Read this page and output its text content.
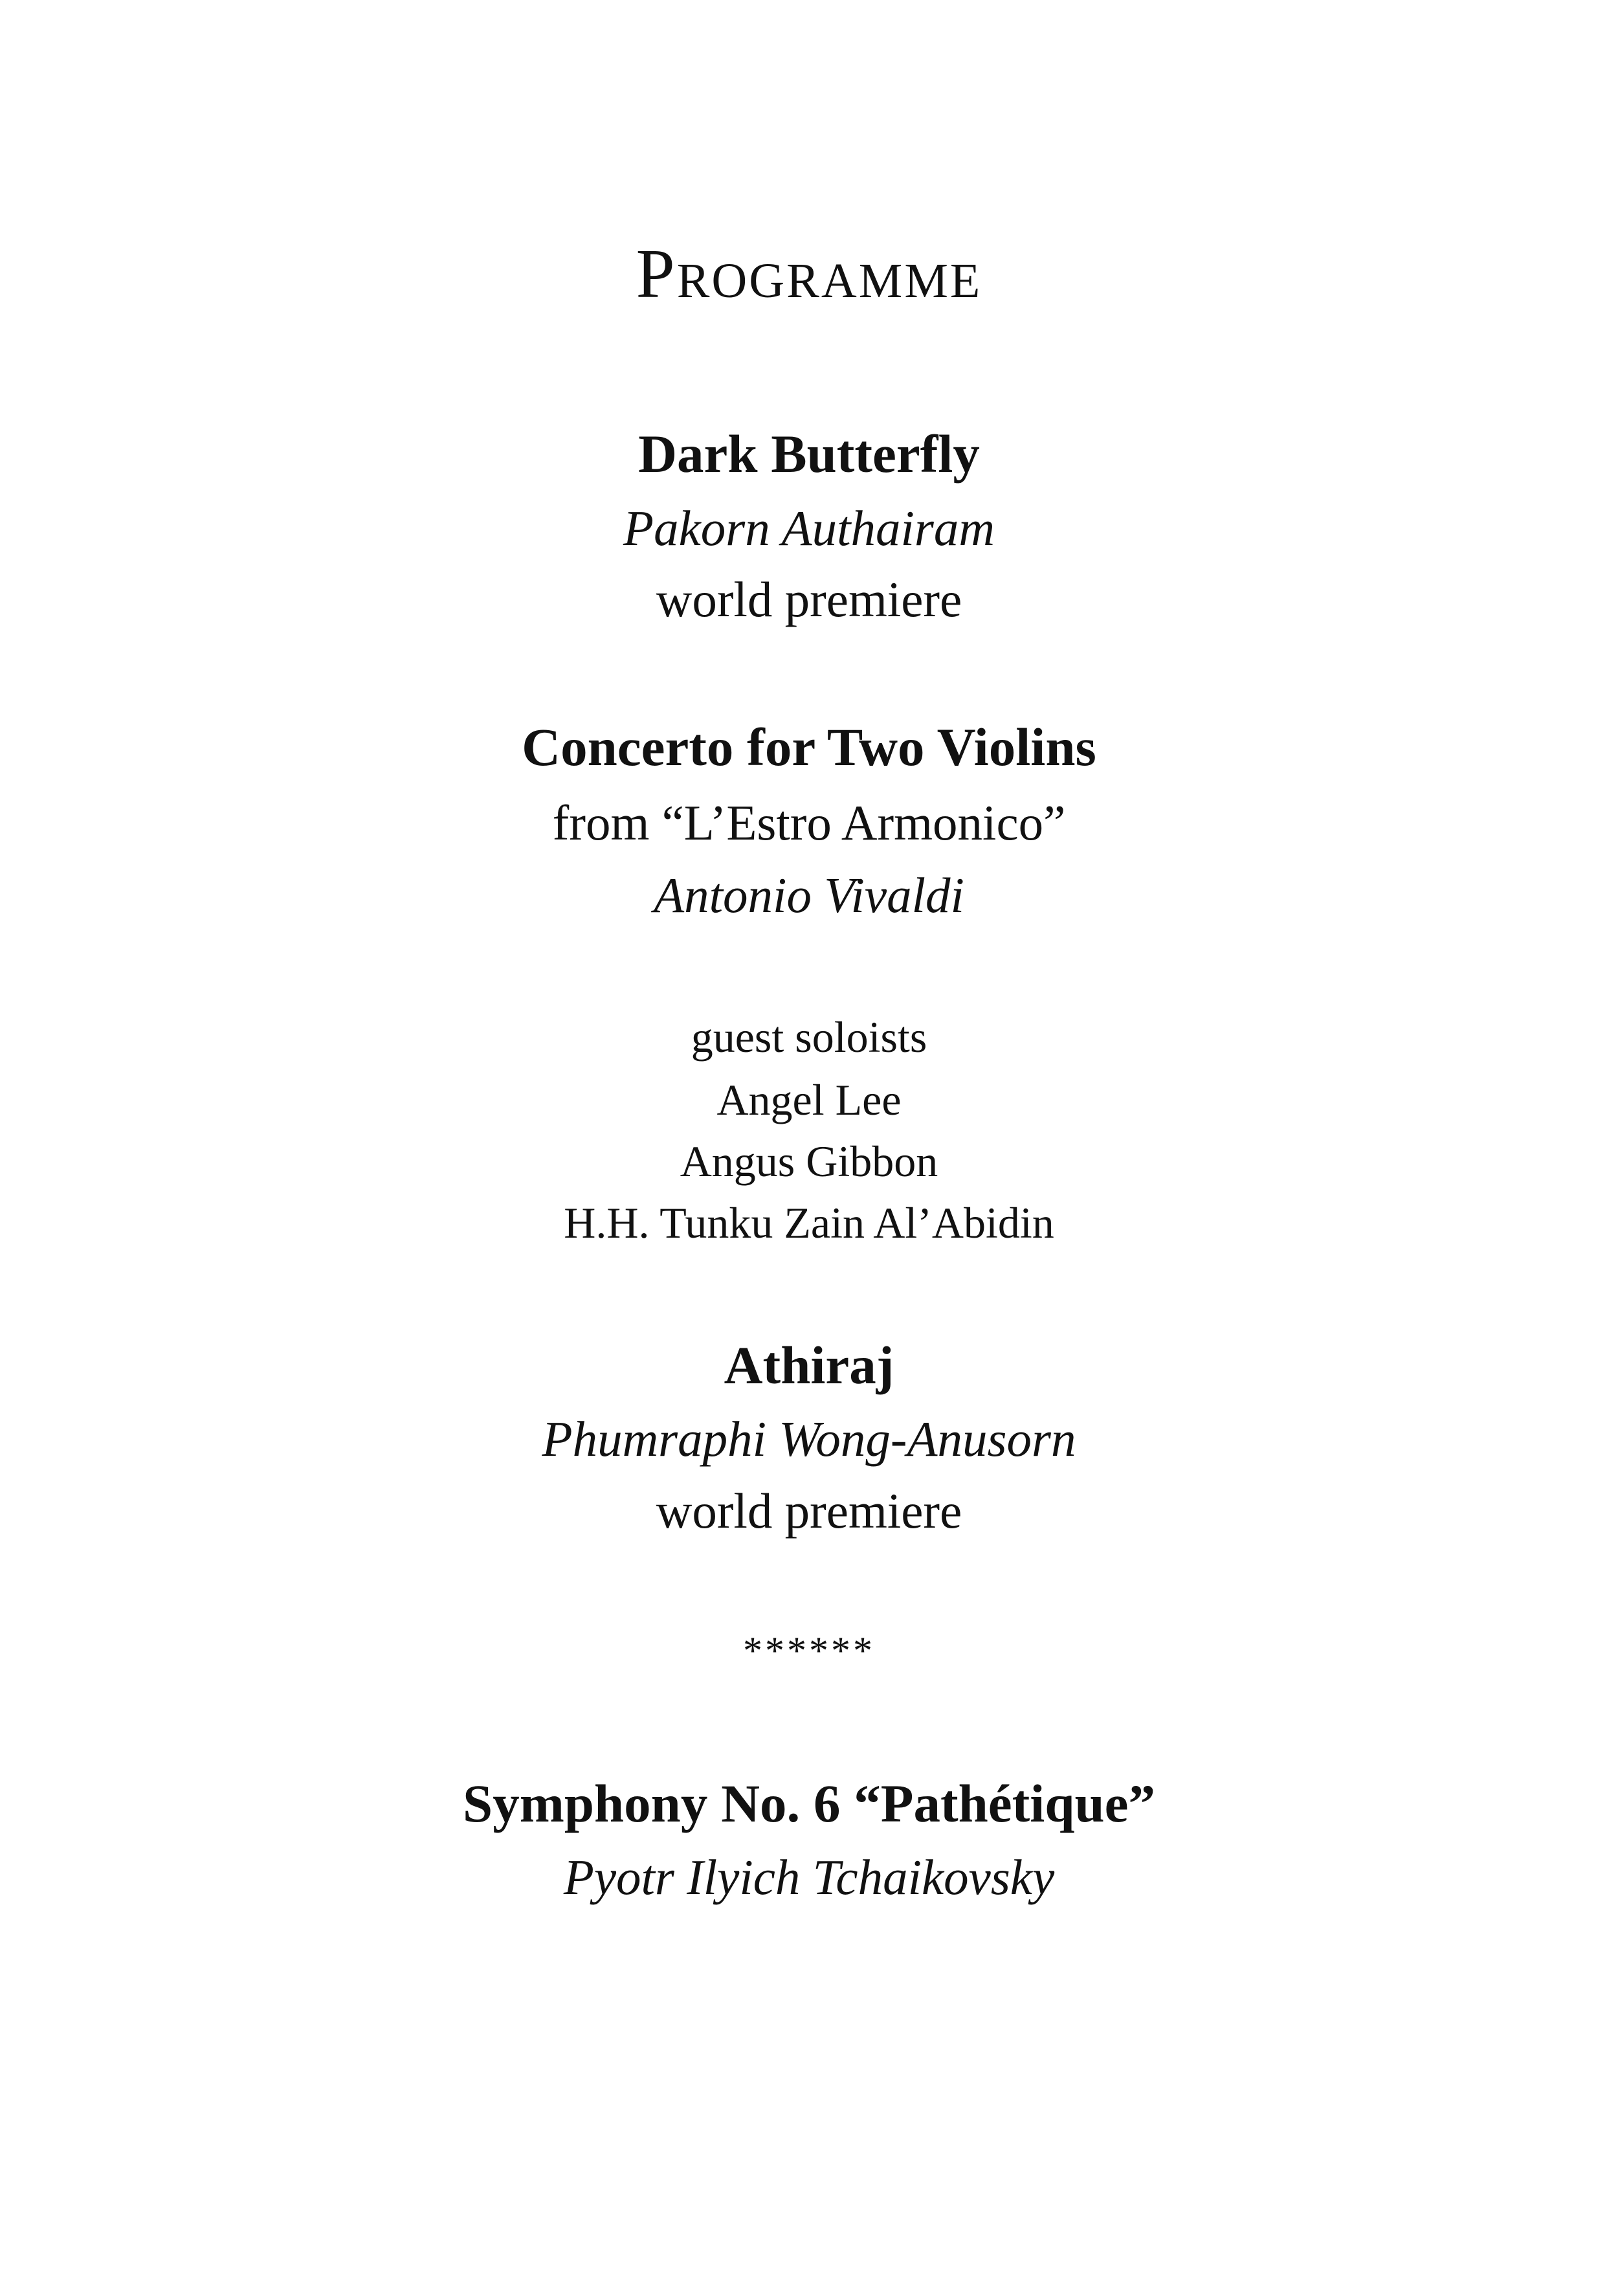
Programme
Dark Butterfly
Pakorn Authairam
world premiere
Concerto for Two Violins
from “L’Estro Armonico”
Antonio Vivaldi
guest soloists
Angel Lee
Angus Gibbon
H.H. Tunku Zain Al’Abidin
Athiraj
Phumraphi Wong-Anusorn
world premiere
******
Symphony No. 6 “Pathétique”
Pyotr Ilyich Tchaikovsky
